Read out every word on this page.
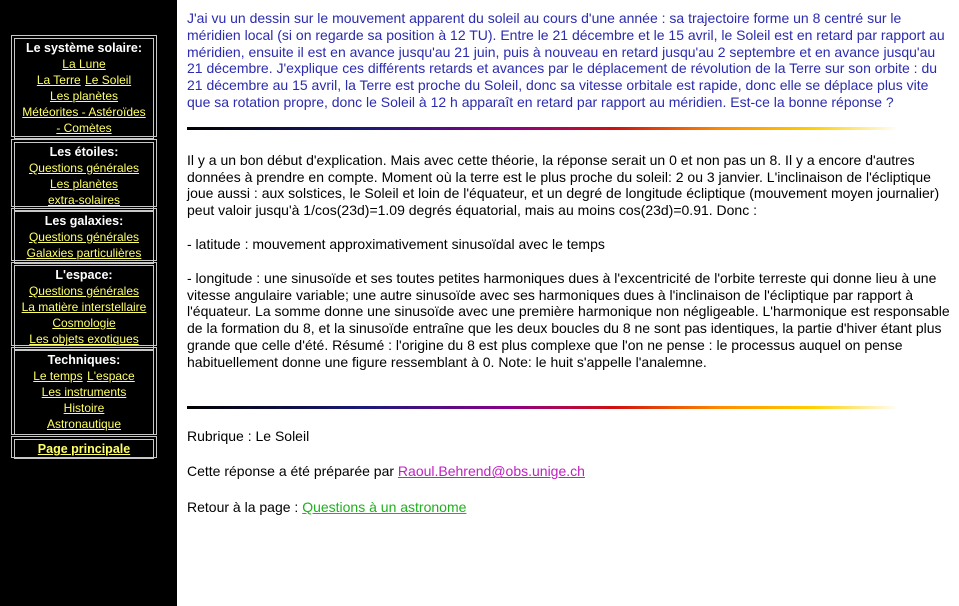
Le système solaire:
La Lune
La Terre Le Soleil
Les planètes
Météorites - Astéroïdes
- Comètes
Les étoiles:
Questions générales
Les planètes
extra-solaires
Les galaxies:
Questions générales
Galaxies particulières
L'espace:
Questions générales
La matière interstellaire
Cosmologie
Les objets exotiques
Techniques:
Le temps L'espace
Les instruments
Histoire
Astronautique
Page principale

J'ai vu un dessin sur le mouvement apparent du soleil au cours d'une année : sa trajectoire forme un 8 centré sur le méridien local (si on regarde sa position à 12 TU). Entre le 21 décembre et le 15 avril, le Soleil est en retard par rapport au méridien, ensuite il est en avance jusqu'au 21 juin, puis à nouveau en retard jusqu'au 2 septembre et en avance jusqu'au 21 décembre. J'explique ces différents retards et avances par le déplacement de révolution de la Terre sur son orbite : du 21 décembre au 15 avril, la Terre est proche du Soleil, donc sa vitesse orbitale est rapide, donc elle se déplace plus vite que sa rotation propre, donc le Soleil à 12 h apparaît en retard par rapport au méridien. Est-ce la bonne réponse ?

Il y a un bon début d'explication. Mais avec cette théorie, la réponse serait un 0 et non pas un 8. Il y a encore d'autres données à prendre en compte. Moment où la terre est le plus proche du soleil: 2 ou 3 janvier. L'inclinaison de l'écliptique joue aussi : aux solstices, le Soleil et loin de l'équateur, et un degré de longitude écliptique (mouvement moyen journalier) peut valoir jusqu'à 1/cos(23d)=1.09 degrés équatorial, mais au moins cos(23d)=0.91. Donc :

- latitude : mouvement approximativement sinusoïdal avec le temps

- longitude : une sinusoïde et ses toutes petites harmoniques dues à l'excentricité de l'orbite terreste qui donne lieu à une vitesse angulaire variable; une autre sinusoïde avec ses harmoniques dues à l'inclinaison de l'écliptique par rapport à l'équateur. La somme donne une sinusoïde avec une première harmonique non négligeable. L'harmonique est responsable de la formation du 8, et la sinusoïde entraîne que les deux boucles du 8 ne sont pas identiques, la partie d'hiver étant plus grande que celle d'été. Résumé : l'origine du 8 est plus complexe que l'on ne pense : le processus auquel on pense habituellement donne une figure ressemblant à 0. Note: le huit s'appelle l'analemne.

Rubrique : Le Soleil

Cette réponse a été préparée par Raoul.Behrend@obs.unige.ch

Retour à la page : Questions à un astronome
